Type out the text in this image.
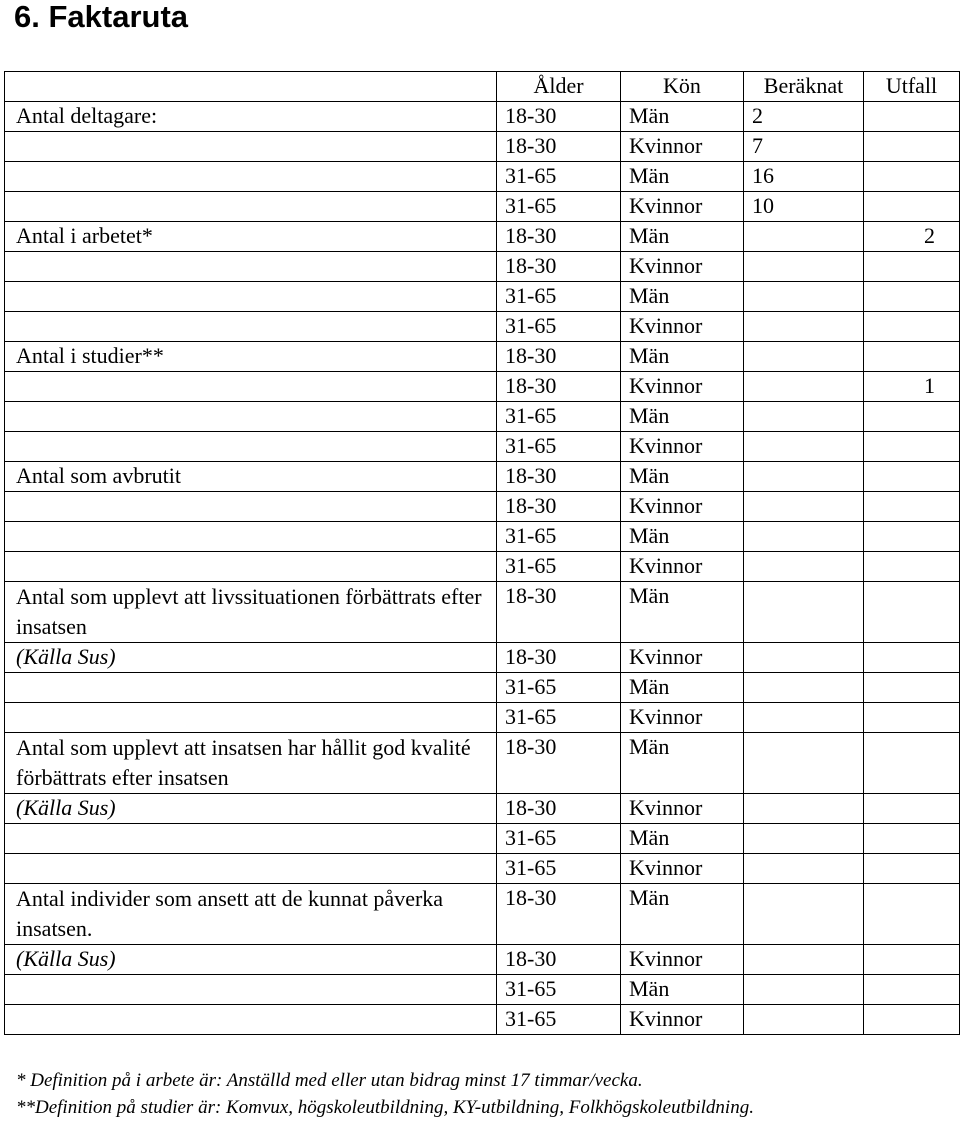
6. Faktaruta
	Ålder	Kön	Beräknat	Utfall
Antal deltagare:	18-30	Män	2	
	18-30	Kvinnor	7	
	31-65	Män	16	
	31-65	Kvinnor	10	
Antal i arbetet*	18-30	Män		2
	18-30	Kvinnor		
	31-65	Män		
	31-65	Kvinnor		
Antal i studier**	18-30	Män		
	18-30	Kvinnor		1
	31-65	Män		
	31-65	Kvinnor		
Antal som avbrutit	18-30	Män		
	18-30	Kvinnor		
	31-65	Män		
	31-65	Kvinnor		
Antal som upplevt att livssituationen förbättrats efter insatsen	18-30	Män		
(Källa Sus)	18-30	Kvinnor		
	31-65	Män		
	31-65	Kvinnor		
Antal som upplevt att insatsen har hållit god kvalité förbättrats efter insatsen	18-30	Män		
(Källa Sus)	18-30	Kvinnor		
	31-65	Män		
	31-65	Kvinnor		
Antal individer som ansett att de kunnat påverka insatsen.	18-30	Män		
(Källa Sus)	18-30	Kvinnor		
	31-65	Män		
	31-65	Kvinnor		
* Definition på i arbete är: Anställd med eller utan bidrag minst 17 timmar/vecka.
**Definition på studier är: Komvux, högskoleutbildning, KY-utbildning, Folkhögskoleutbildning.
